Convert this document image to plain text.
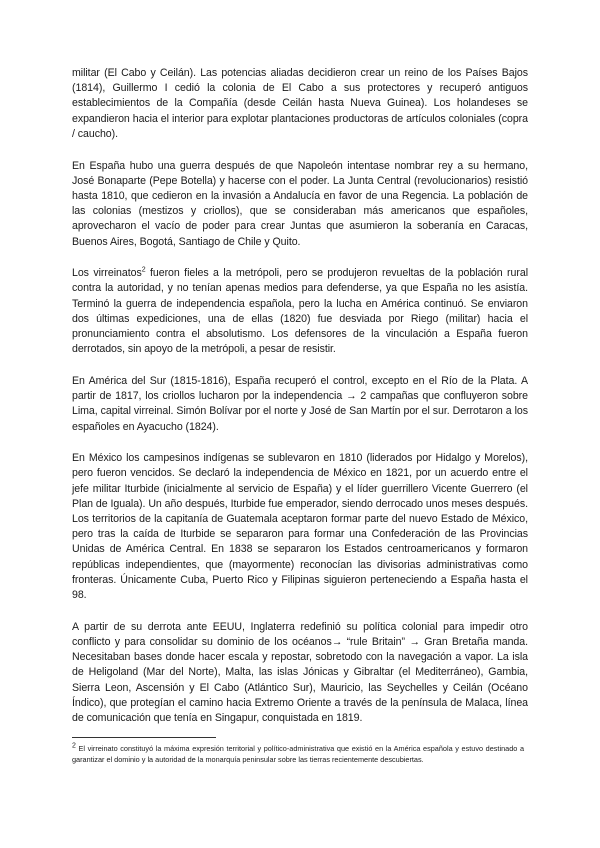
militar (El Cabo y Ceilán). Las potencias aliadas decidieron crear un reino de los Países Bajos (1814), Guillermo I cedió la colonia de El Cabo a sus protectores y recuperó antiguos establecimientos de la Compañía (desde Ceilán hasta Nueva Guinea). Los holandeses se expandieron hacia el interior para explotar plantaciones productoras de artículos coloniales (copra / caucho).

En España hubo una guerra después de que Napoleón intentase nombrar rey a su hermano, José Bonaparte (Pepe Botella) y hacerse con el poder. La Junta Central (revolucionarios) resistió hasta 1810, que cedieron en la invasión a Andalucía en favor de una Regencia. La población de las colonias (mestizos y criollos), que se consideraban más americanos que españoles, aprovecharon el vacío de poder para crear Juntas que asumieron la soberanía en Caracas, Buenos Aires, Bogotá, Santiago de Chile y Quito.

Los virreinatos$^2$ fueron fieles a la metrópoli, pero se produjeron revueltas de la población rural contra la autoridad, y no tenían apenas medios para defenderse, ya que España no les asistía. Terminó la guerra de independencia española, pero la lucha en América continuó. Se enviaron dos últimas expediciones, una de ellas (1820) fue desviada por Riego (militar) hacia el pronunciamiento contra el absolutismo. Los defensores de la vinculación a España fueron derrotados, sin apoyo de la metrópoli, a pesar de resistir.

En América del Sur (1815-1816), España recuperó el control, excepto en el Río de la Plata. A partir de 1817, los criollos lucharon por la independencia → 2 campañas que confluyeron sobre Lima, capital virreinal. Simón Bolívar por el norte y José de San Martín por el sur. Derrotaron a los españoles en Ayacucho (1824).

En México los campesinos indígenas se sublevaron en 1810 (liderados por Hidalgo y Morelos), pero fueron vencidos. Se declaró la independencia de México en 1821, por un acuerdo entre el jefe militar Iturbide (inicialmente al servicio de España) y el líder guerrillero Vicente Guerrero (el Plan de Iguala). Un año después, Iturbide fue emperador, siendo derrocado unos meses después. Los territorios de la capitanía de Guatemala aceptaron formar parte del nuevo Estado de México, pero tras la caída de Iturbide se separaron para formar una Confederación de las Provincias Unidas de América Central. En 1838 se separaron los Estados centroamericanos y formaron repúblicas independientes, que (mayormente) reconocían las divisorias administrativas como fronteras. Únicamente Cuba, Puerto Rico y Filipinas siguieron perteneciendo a España hasta el 98.

A partir de su derrota ante EEUU, Inglaterra redefinió su política colonial para impedir otro conflicto y para consolidar su dominio de los océanos→ “rule Britain” → Gran Bretaña manda. Necesitaban bases donde hacer escala y repostar, sobretodo con la navegación a vapor. La isla de Heligoland (Mar del Norte), Malta, las islas Jónicas y Gibraltar (el Mediterráneo), Gambia, Sierra Leon, Ascensión y El Cabo (Atlántico Sur), Mauricio, las Seychelles y Ceilán (Océano Índico), que protegían el camino hacia Extremo Oriente a través de la península de Malaca, línea de comunicación que tenía en Singapur, conquistada en 1819.

$^2$ El virreinato constituyó la máxima expresión territorial y político-administrativa que existió en la América española y estuvo destinado a garantizar el dominio y la autoridad de la monarquía peninsular sobre las tierras recientemente descubiertas.
